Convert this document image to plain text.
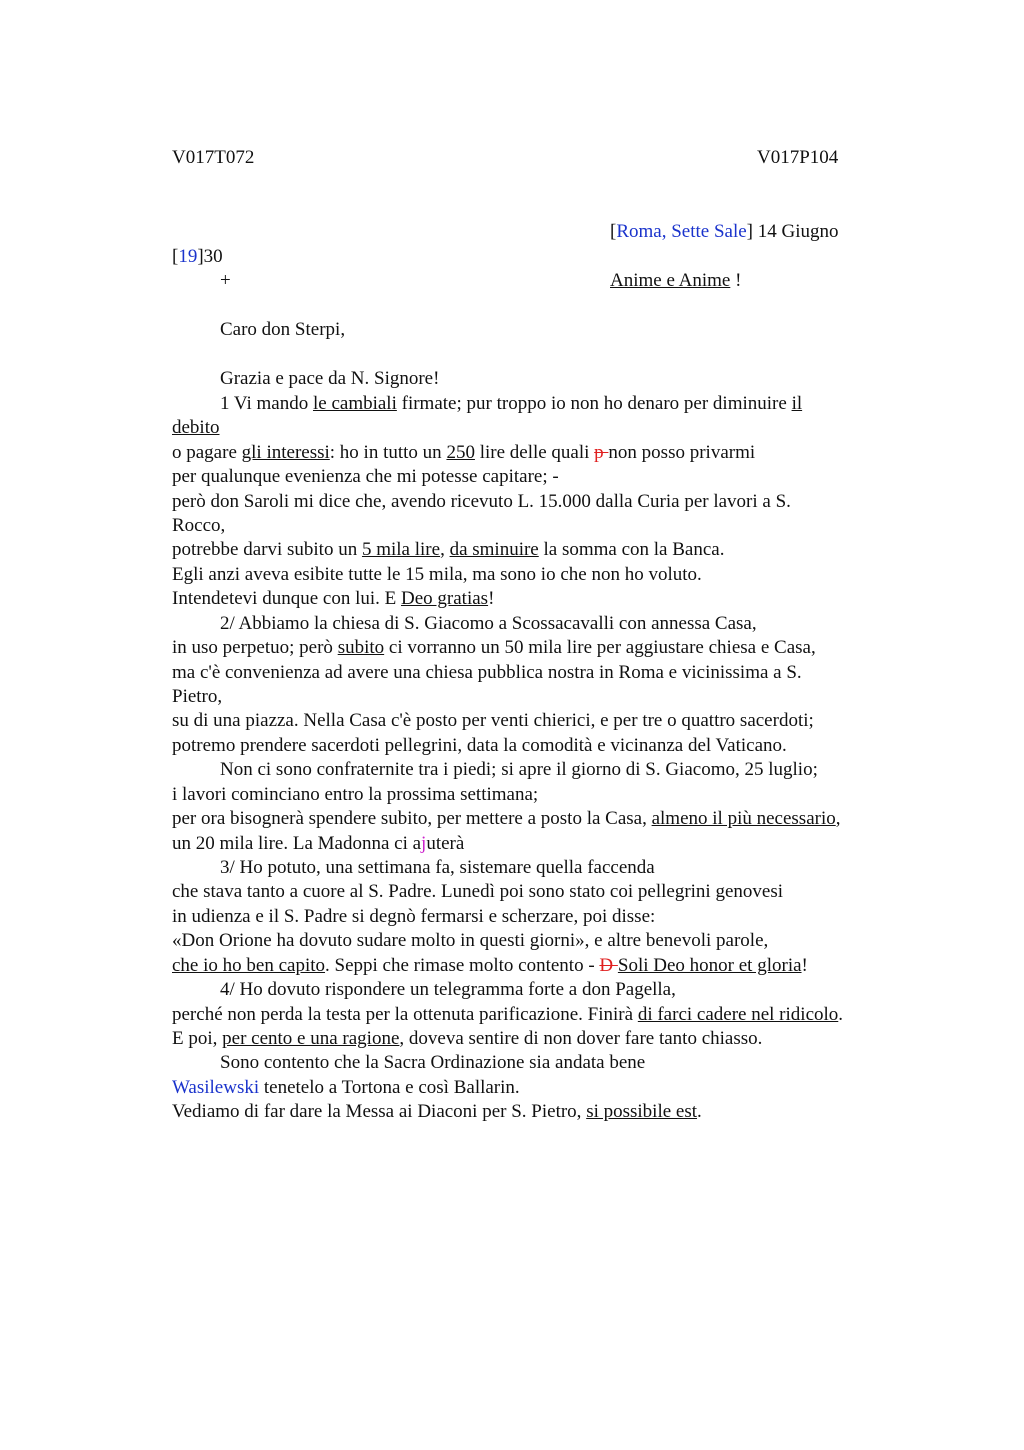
V017T072	V017P104
[Roma, Sette Sale] 14 Giugno
[19]30
+	Anime e Anime !
Caro don Sterpi,
Grazia e pace da N. Signore!
1 Vi mando le cambiali firmate; pur troppo io non ho denaro per diminuire il
debito
o pagare gli interessi: ho in tutto un 250 lire delle quali p non posso privarmi
per qualunque evenienza che mi potesse capitare; -
però don Saroli mi dice che, avendo ricevuto L. 15.000 dalla Curia per lavori a S.
Rocco,
potrebbe darvi subito un 5 mila lire, da sminuire la somma con la Banca.
Egli anzi aveva esibite tutte le 15 mila, ma sono io che non ho voluto.
Intendetevi dunque con lui. E Deo gratias!
2/ Abbiamo la chiesa di S. Giacomo a Scossacavalli con annessa Casa,
in uso perpetuo; però subito ci vorranno un 50 mila lire per aggiustare chiesa e Casa,
ma c'è convenienza ad avere una chiesa pubblica nostra in Roma e vicinissima a S.
Pietro,
su di una piazza. Nella Casa c'è posto per venti chierici, e per tre o quattro sacerdoti;
potremo prendere sacerdoti pellegrini, data la comodità e vicinanza del Vaticano.
Non ci sono confraternite tra i piedi; si apre il giorno di S. Giacomo, 25 luglio;
i lavori cominciano entro la prossima settimana;
per ora bisognerà spendere subito, per mettere a posto la Casa, almeno il più necessario,
un 20 mila lire. La Madonna ci ajuterà
3/ Ho potuto, una settimana fa, sistemare quella faccenda
che stava tanto a cuore al S. Padre. Lunedì poi sono stato coi pellegrini genovesi
in udienza e il S. Padre si degnò fermarsi e scherzare, poi disse:
«Don Orione ha dovuto sudare molto in questi giorni», e altre benevoli parole,
che io ho ben capito. Seppi che rimase molto contento - D Soli Deo honor et gloria!
4/ Ho dovuto rispondere un telegramma forte a don Pagella,
perché non perda la testa per la ottenuta parificazione. Finirà di farci cadere nel ridicolo.
E poi, per cento e una ragione, doveva sentire di non dover fare tanto chiasso.
Sono contento che la Sacra Ordinazione sia andata bene
Wasilewski tenetelo a Tortona e così Ballarin.
Vediamo di far dare la Messa ai Diaconi per S. Pietro, si possibile est.
